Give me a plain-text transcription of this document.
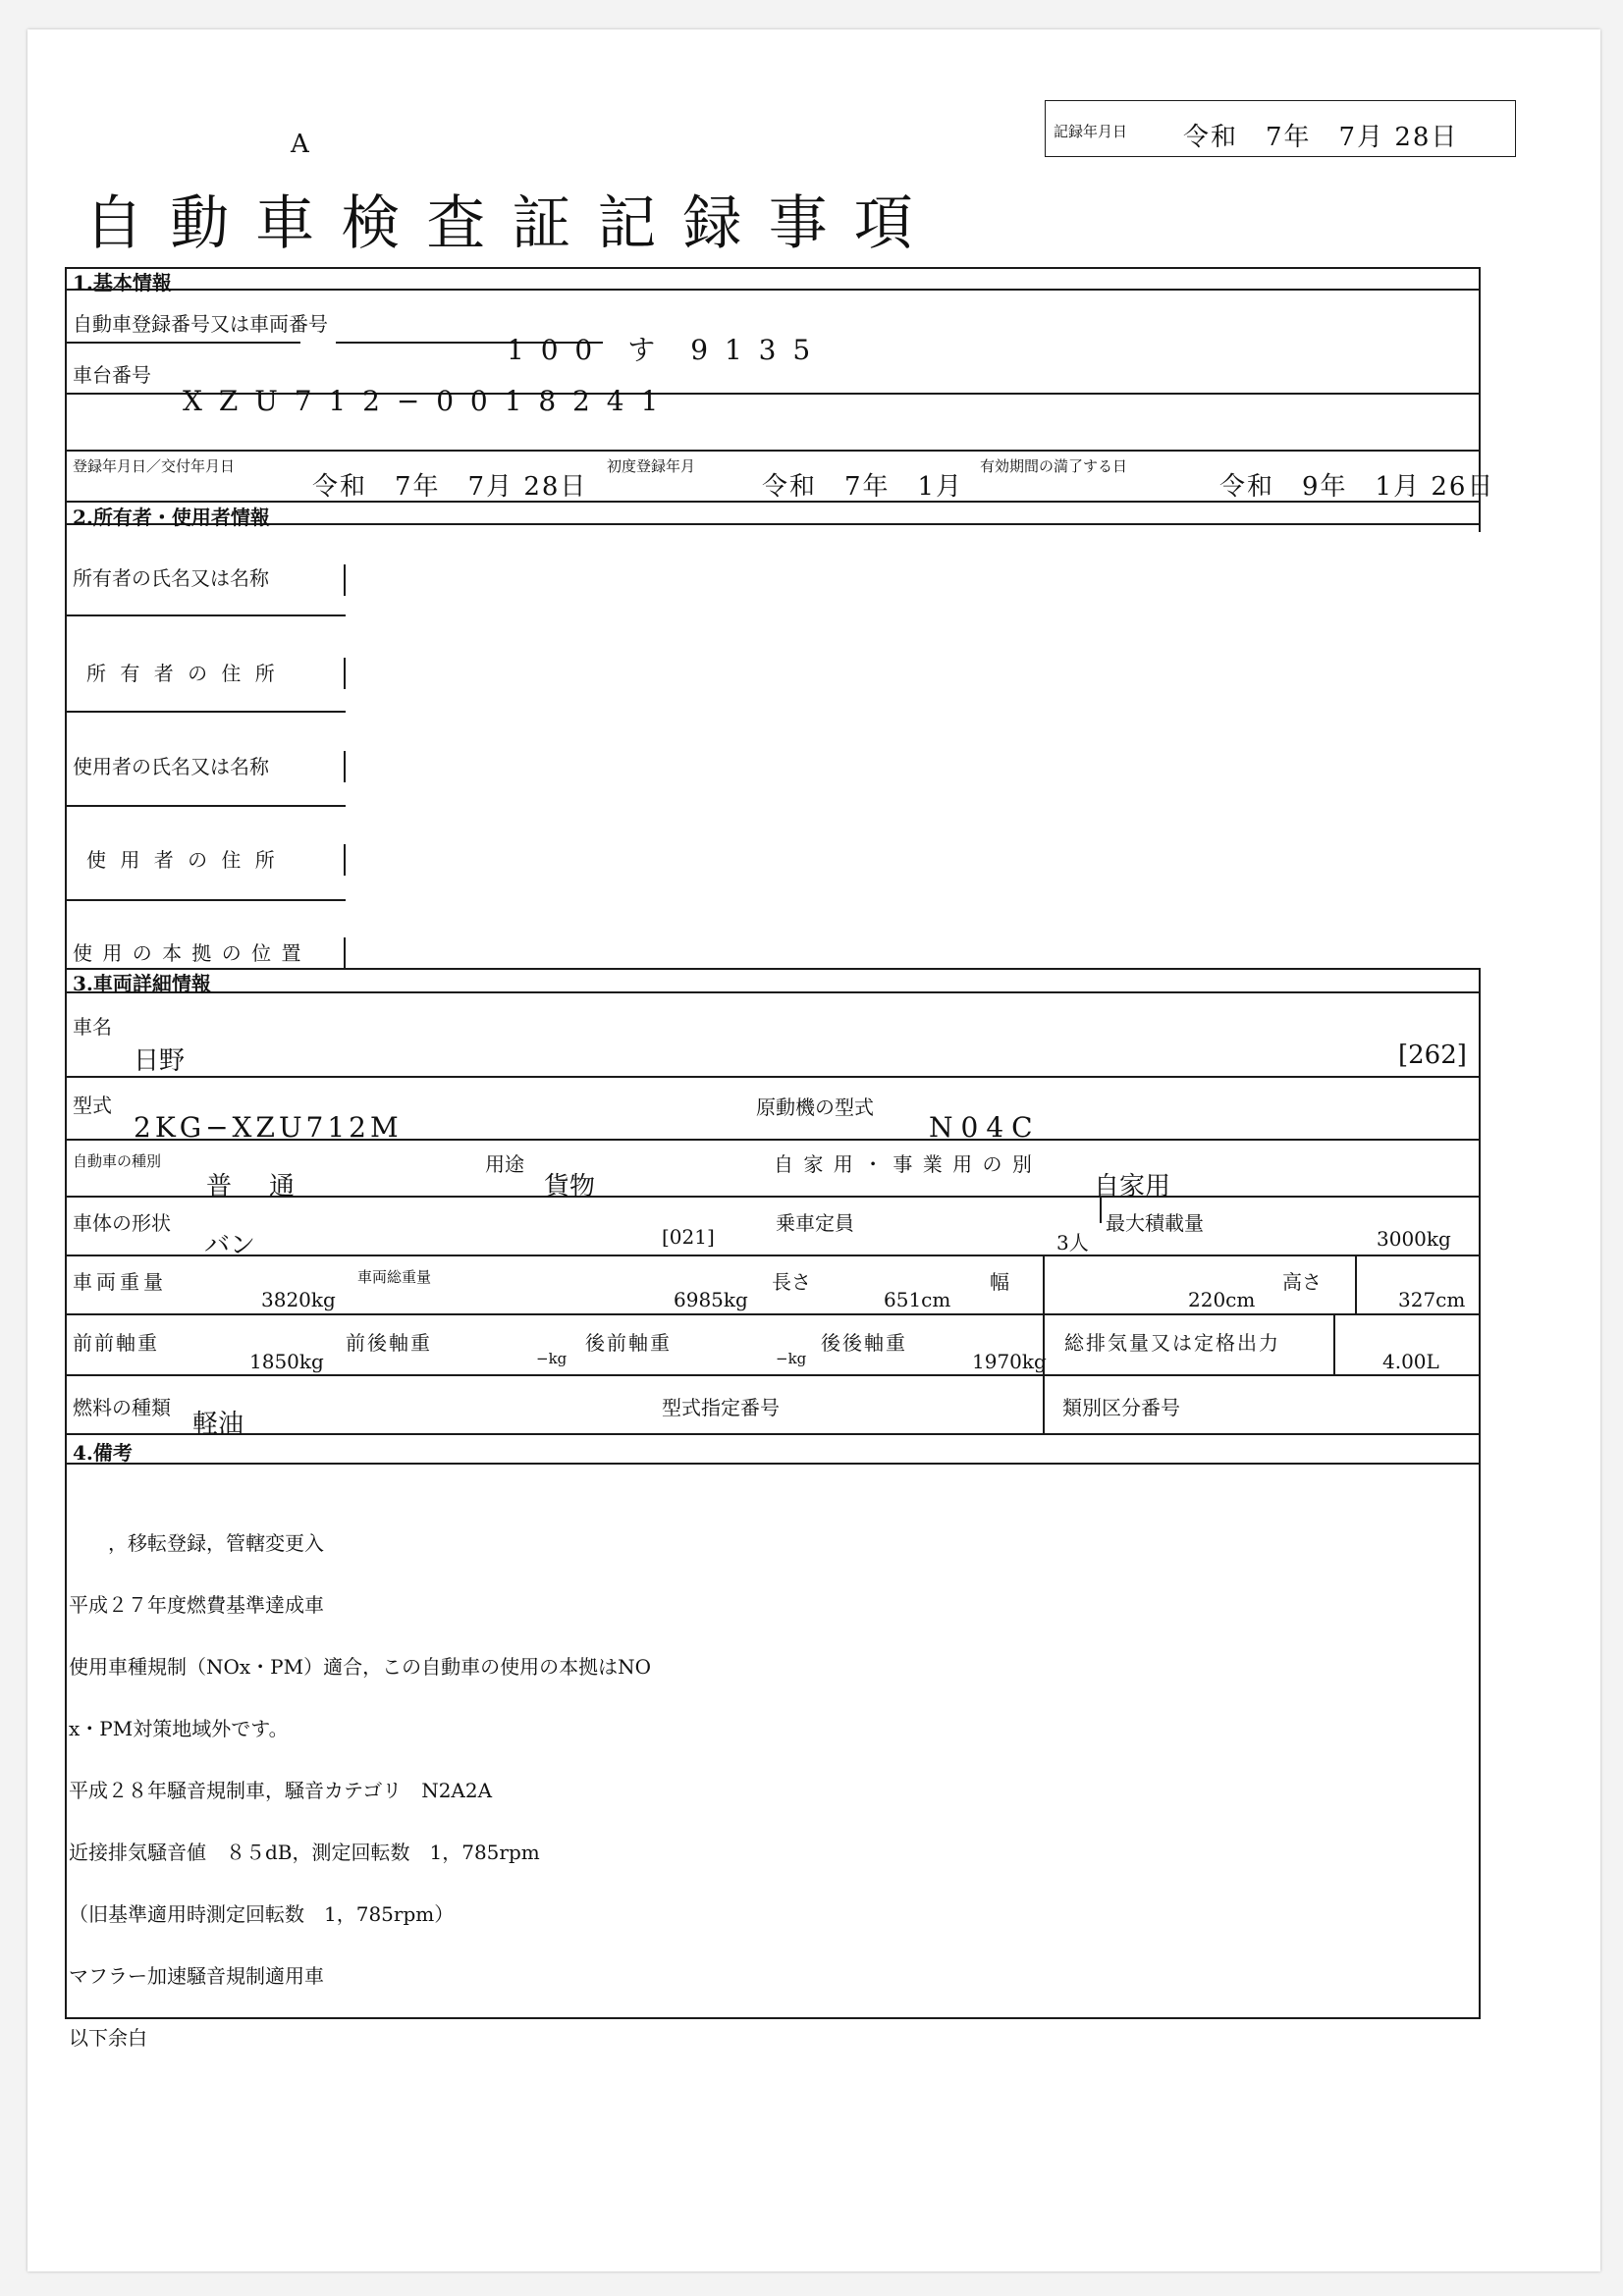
A
自 動 車 検 査 証 記 録 事 項
記録年月日 令和　7年　7月 28日
1.基本情報
自動車登録番号又は車両番号
1 0 0　す　9 1 3 5
車台番号
X Z U 7 1 2 − 0 0 1 8 2 4 1
登録年月日／交付年月日
令和　7年　7月 28日
初度登録年月
令和　7年　1月
有効期間の満了する日
令和　9年　1月 26日
2.所有者・使用者情報
所有者の氏名又は名称
所 有 者 の 住 所
使用者の氏名又は名称
使 用 者 の 住 所
使 用 の 本 拠 の 位 置
3.車両詳細情報
車名
日野	[262]
型式
2KG−XZU712M
原動機の型式
N04C
自動車の種別
普　通
用途
貨物
自 家 用 ・ 事 業 用 の 別
自家用
車体の形状
バン	[021]
乗車定員
3人
最大積載量
3000kg
車両重量
3820kg
車両総重量
6985kg
長さ
651cm
幅
220cm
高さ
327cm
前前軸重
1850kg
前後軸重
−kg
後前軸重
−kg
後後軸重
1970kg
総排気量又は定格出力
4.00L
燃料の種類
軽油
型式指定番号	類別区分番号
4.備考

　　，移転登録，管轄変更入

平成２７年度燃費基準達成車

使用車種規制（NOx・PM）適合，この自動車の使用の本拠はNO

x・PM対策地域外です。

平成２８年騒音規制車，騒音カテゴリ　N2A2A

近接排気騒音値　８５dB，測定回転数　1，785rpm

（旧基準適用時測定回転数　1，785rpm）

マフラー加速騒音規制適用車

以下余白
